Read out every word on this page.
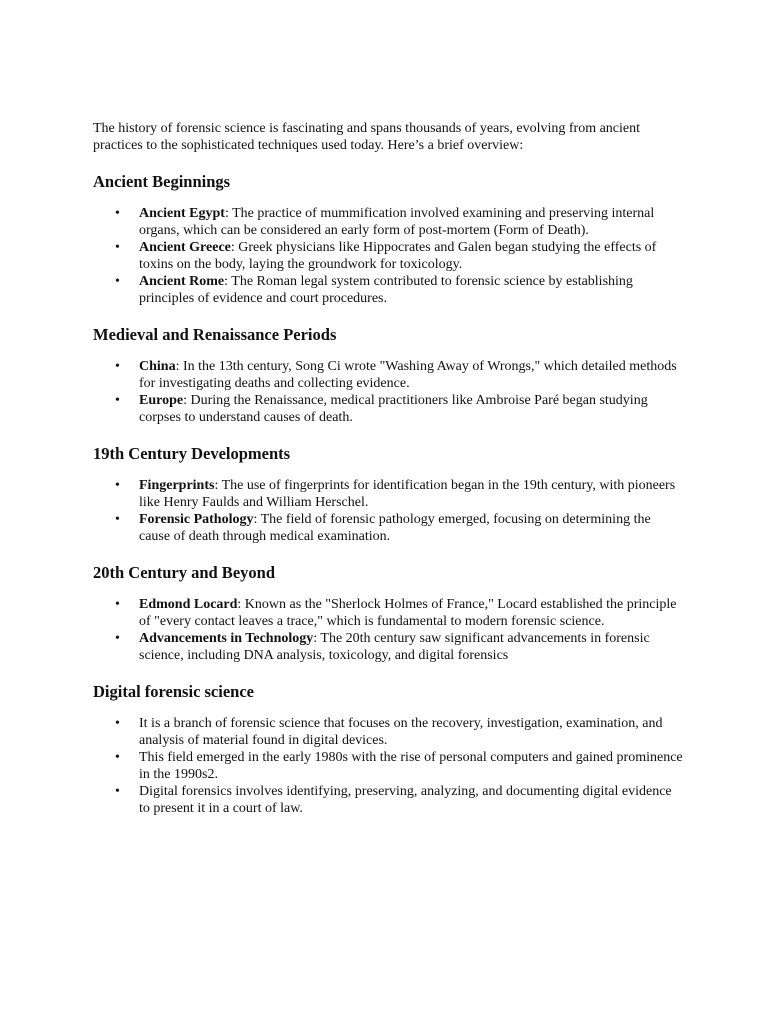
The history of forensic science is fascinating and spans thousands of years, evolving from ancient practices to the sophisticated techniques used today. Here’s a brief overview:

Ancient Beginnings
• Ancient Egypt: The practice of mummification involved examining and preserving internal organs, which can be considered an early form of post-mortem (Form of Death).
• Ancient Greece: Greek physicians like Hippocrates and Galen began studying the effects of toxins on the body, laying the groundwork for toxicology.
• Ancient Rome: The Roman legal system contributed to forensic science by establishing principles of evidence and court procedures.
Medieval and Renaissance Periods
• China: In the 13th century, Song Ci wrote "Washing Away of Wrongs," which detailed methods for investigating deaths and collecting evidence.
• Europe: During the Renaissance, medical practitioners like Ambroise Paré began studying corpses to understand causes of death.
19th Century Developments
• Fingerprints: The use of fingerprints for identification began in the 19th century, with pioneers like Henry Faulds and William Herschel.
• Forensic Pathology: The field of forensic pathology emerged, focusing on determining the cause of death through medical examination.
20th Century and Beyond
• Edmond Locard: Known as the "Sherlock Holmes of France," Locard established the principle of "every contact leaves a trace," which is fundamental to modern forensic science.
• Advancements in Technology: The 20th century saw significant advancements in forensic science, including DNA analysis, toxicology, and digital forensics
Digital forensic science
• It is a branch of forensic science that focuses on the recovery, investigation, examination, and analysis of material found in digital devices.
• This field emerged in the early 1980s with the rise of personal computers and gained prominence in the 1990s2.
• Digital forensics involves identifying, preserving, analyzing, and documenting digital evidence to present it in a court of law.
